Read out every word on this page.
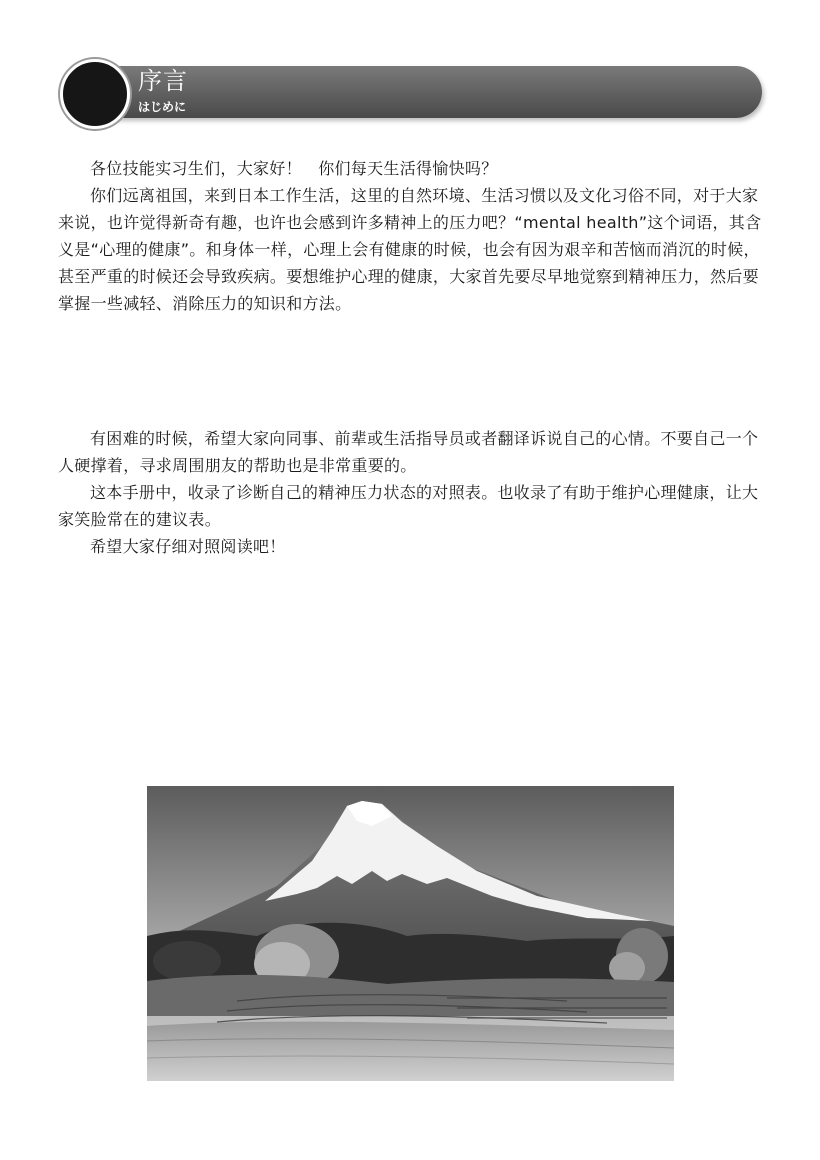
序言
はじめに

各位技能实习生们，大家好！　你们每天生活得愉快吗？

你们远离祖国，来到日本工作生活，这里的自然环境、生活习惯以及文化习俗不同，对于大家来说，也许觉得新奇有趣，也许也会感到许多精神上的压力吧？“mental health”这个词语，其含义是“心理的健康”。和身体一样，心理上会有健康的时候，也会有因为艰辛和苦恼而消沉的时候，甚至严重的时候还会导致疾病。要想维护心理的健康，大家首先要尽早地觉察到精神压力，然后要掌握一些减轻、消除压力的知识和方法。

有困难的时候，希望大家向同事、前辈或生活指导员或者翻译诉说自己的心情。不要自己一个人硬撑着，寻求周围朋友的帮助也是非常重要的。

这本手册中，收录了诊断自己的精神压力状态的对照表。也收录了有助于维护心理健康，让大家笑脸常在的建议表。

希望大家仔细对照阅读吧！
